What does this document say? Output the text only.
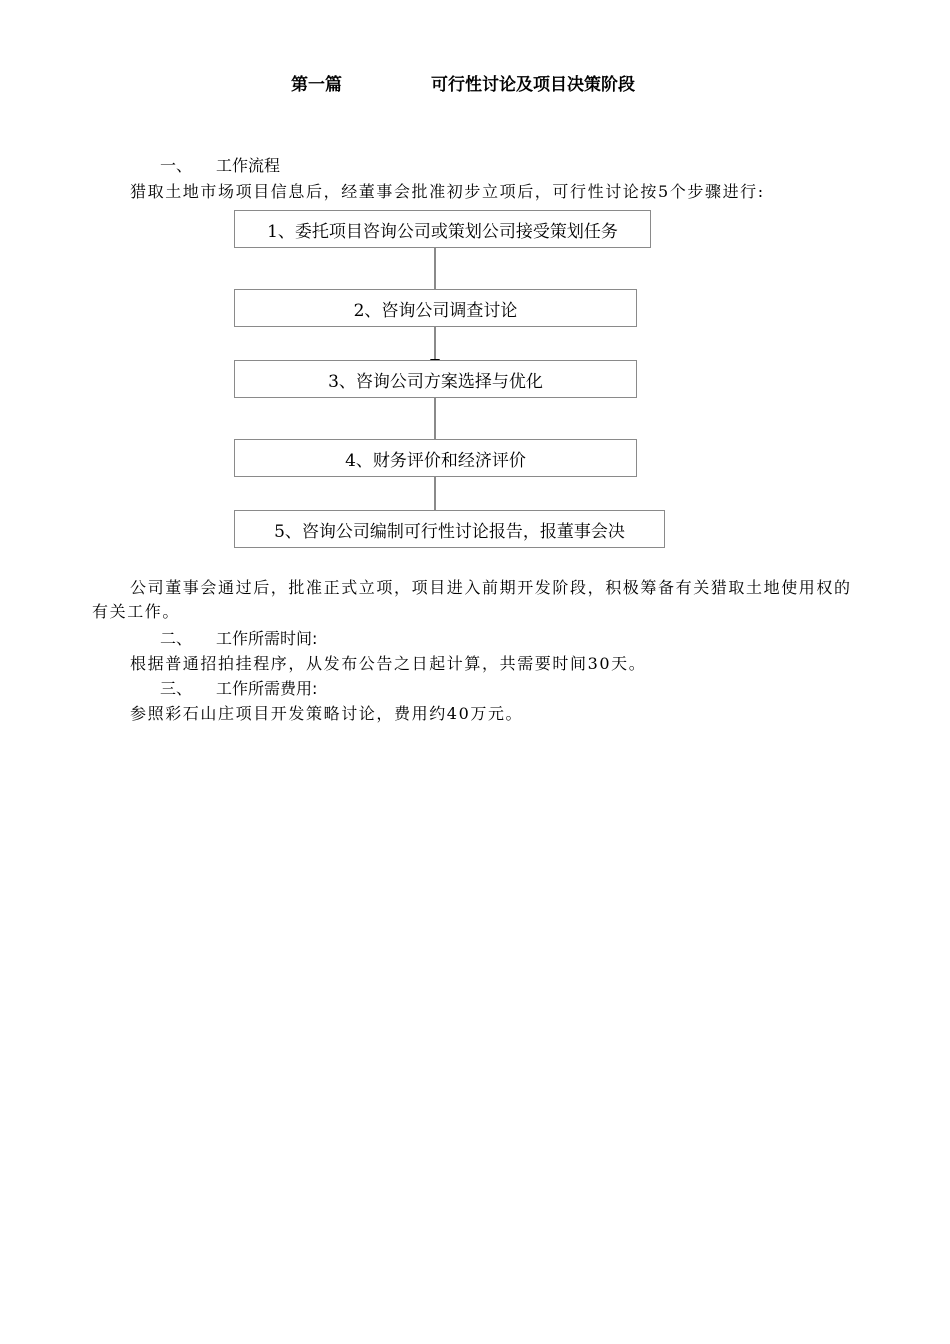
第一篇	可行性讨论及项目决策阶段
一、 工作流程

猎取土地市场项目信息后，经董事会批准初步立项后，可行性讨论按5个步骤进行:

1、委托项目咨询公司或策划公司接受策划任务
2、咨询公司调查讨论
3、咨询公司方案选择与优化
4、财务评价和经济评价
5、咨询公司编制可行性讨论报告，报董事会决

公司董事会通过后，批准正式立项，项目进入前期开发阶段，积极筹备有关猎取土地使用权的有关工作。

二、 工作所需时间:

根据普通招拍挂程序，从发布公告之日起计算，共需要时间30天。

三、 工作所需费用:

参照彩石山庄项目开发策略讨论，费用约40万元。
